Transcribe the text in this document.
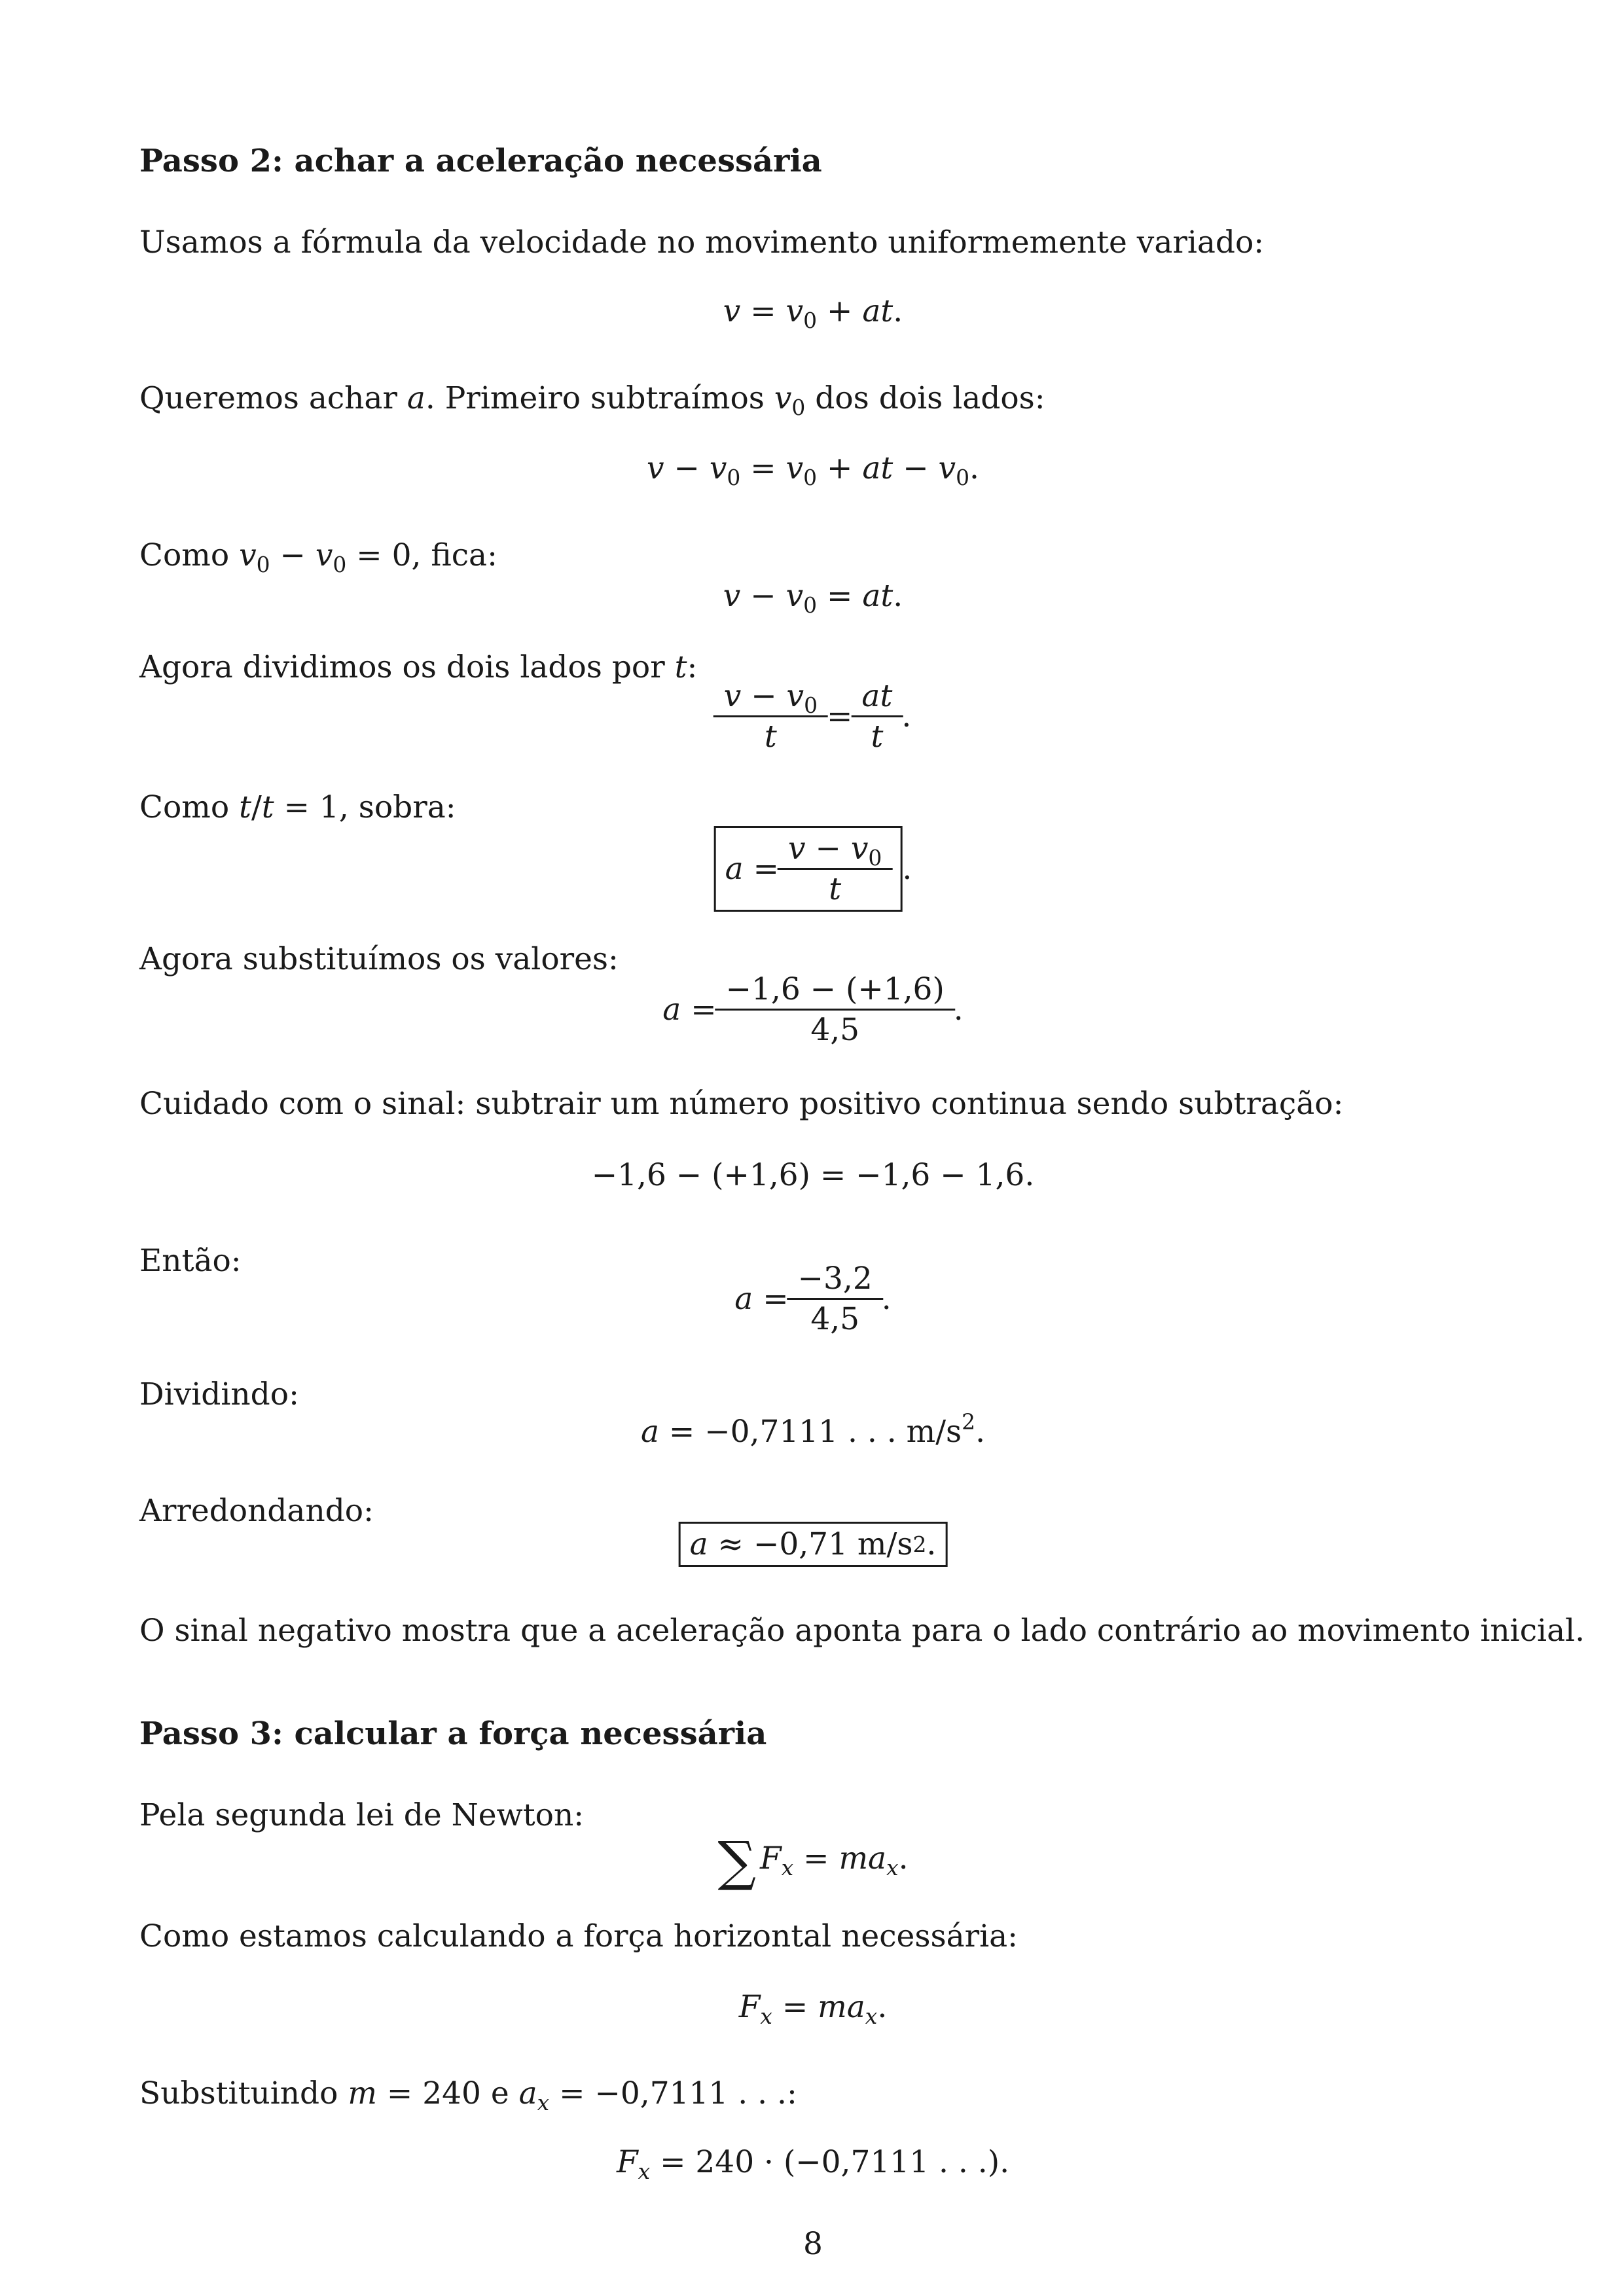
Passo 2: achar a aceleração necessária
Usamos a fórmula da velocidade no movimento uniformemente variado:
$v = v_0$ + at.
Queremos achar a. Primeiro subtraímos $v_0$ dos dois lados:
$v - v_0 = v_0$ + at − $v_0$.
Como $v_0 - v_0 = 0$, fica:
$v - v_0$ = at.
Agora dividimos os dois lados por t:
$\frac{v - v_0}{t} = \frac{at}{t}$ .
Como t/t = 1, sobra:
$a = \frac{v - v_0}{t}$ .
Agora substituímos os valores:
$a = \frac{-1,6 - (+1,6)}{4,5}$ .
Cuidado com o sinal: subtrair um número positivo continua sendo subtração:
−1,6 − (+1,6) = −1,6 − 1,6.
Então:
$a = \frac{-3,2}{4,5}$ .
Dividindo:
a = −0,7111 . . . $m/s^2$.
Arredondando:
a ≈ −0,71 m/s 2 .
O sinal negativo mostra que a aceleração aponta para o lado contrário ao movimento inicial.
Passo 3: calcular a força necessária
Pela segunda lei de Newton:
∑ $F_x = ma_x$.
Como estamos calculando a força horizontal necessária:
$F_x = ma_x$.
Substituindo m = 240 e $a_x = -0,7111$ . . .:
$F_x = 240 \cdot (-0,7111$ . . .).
8
